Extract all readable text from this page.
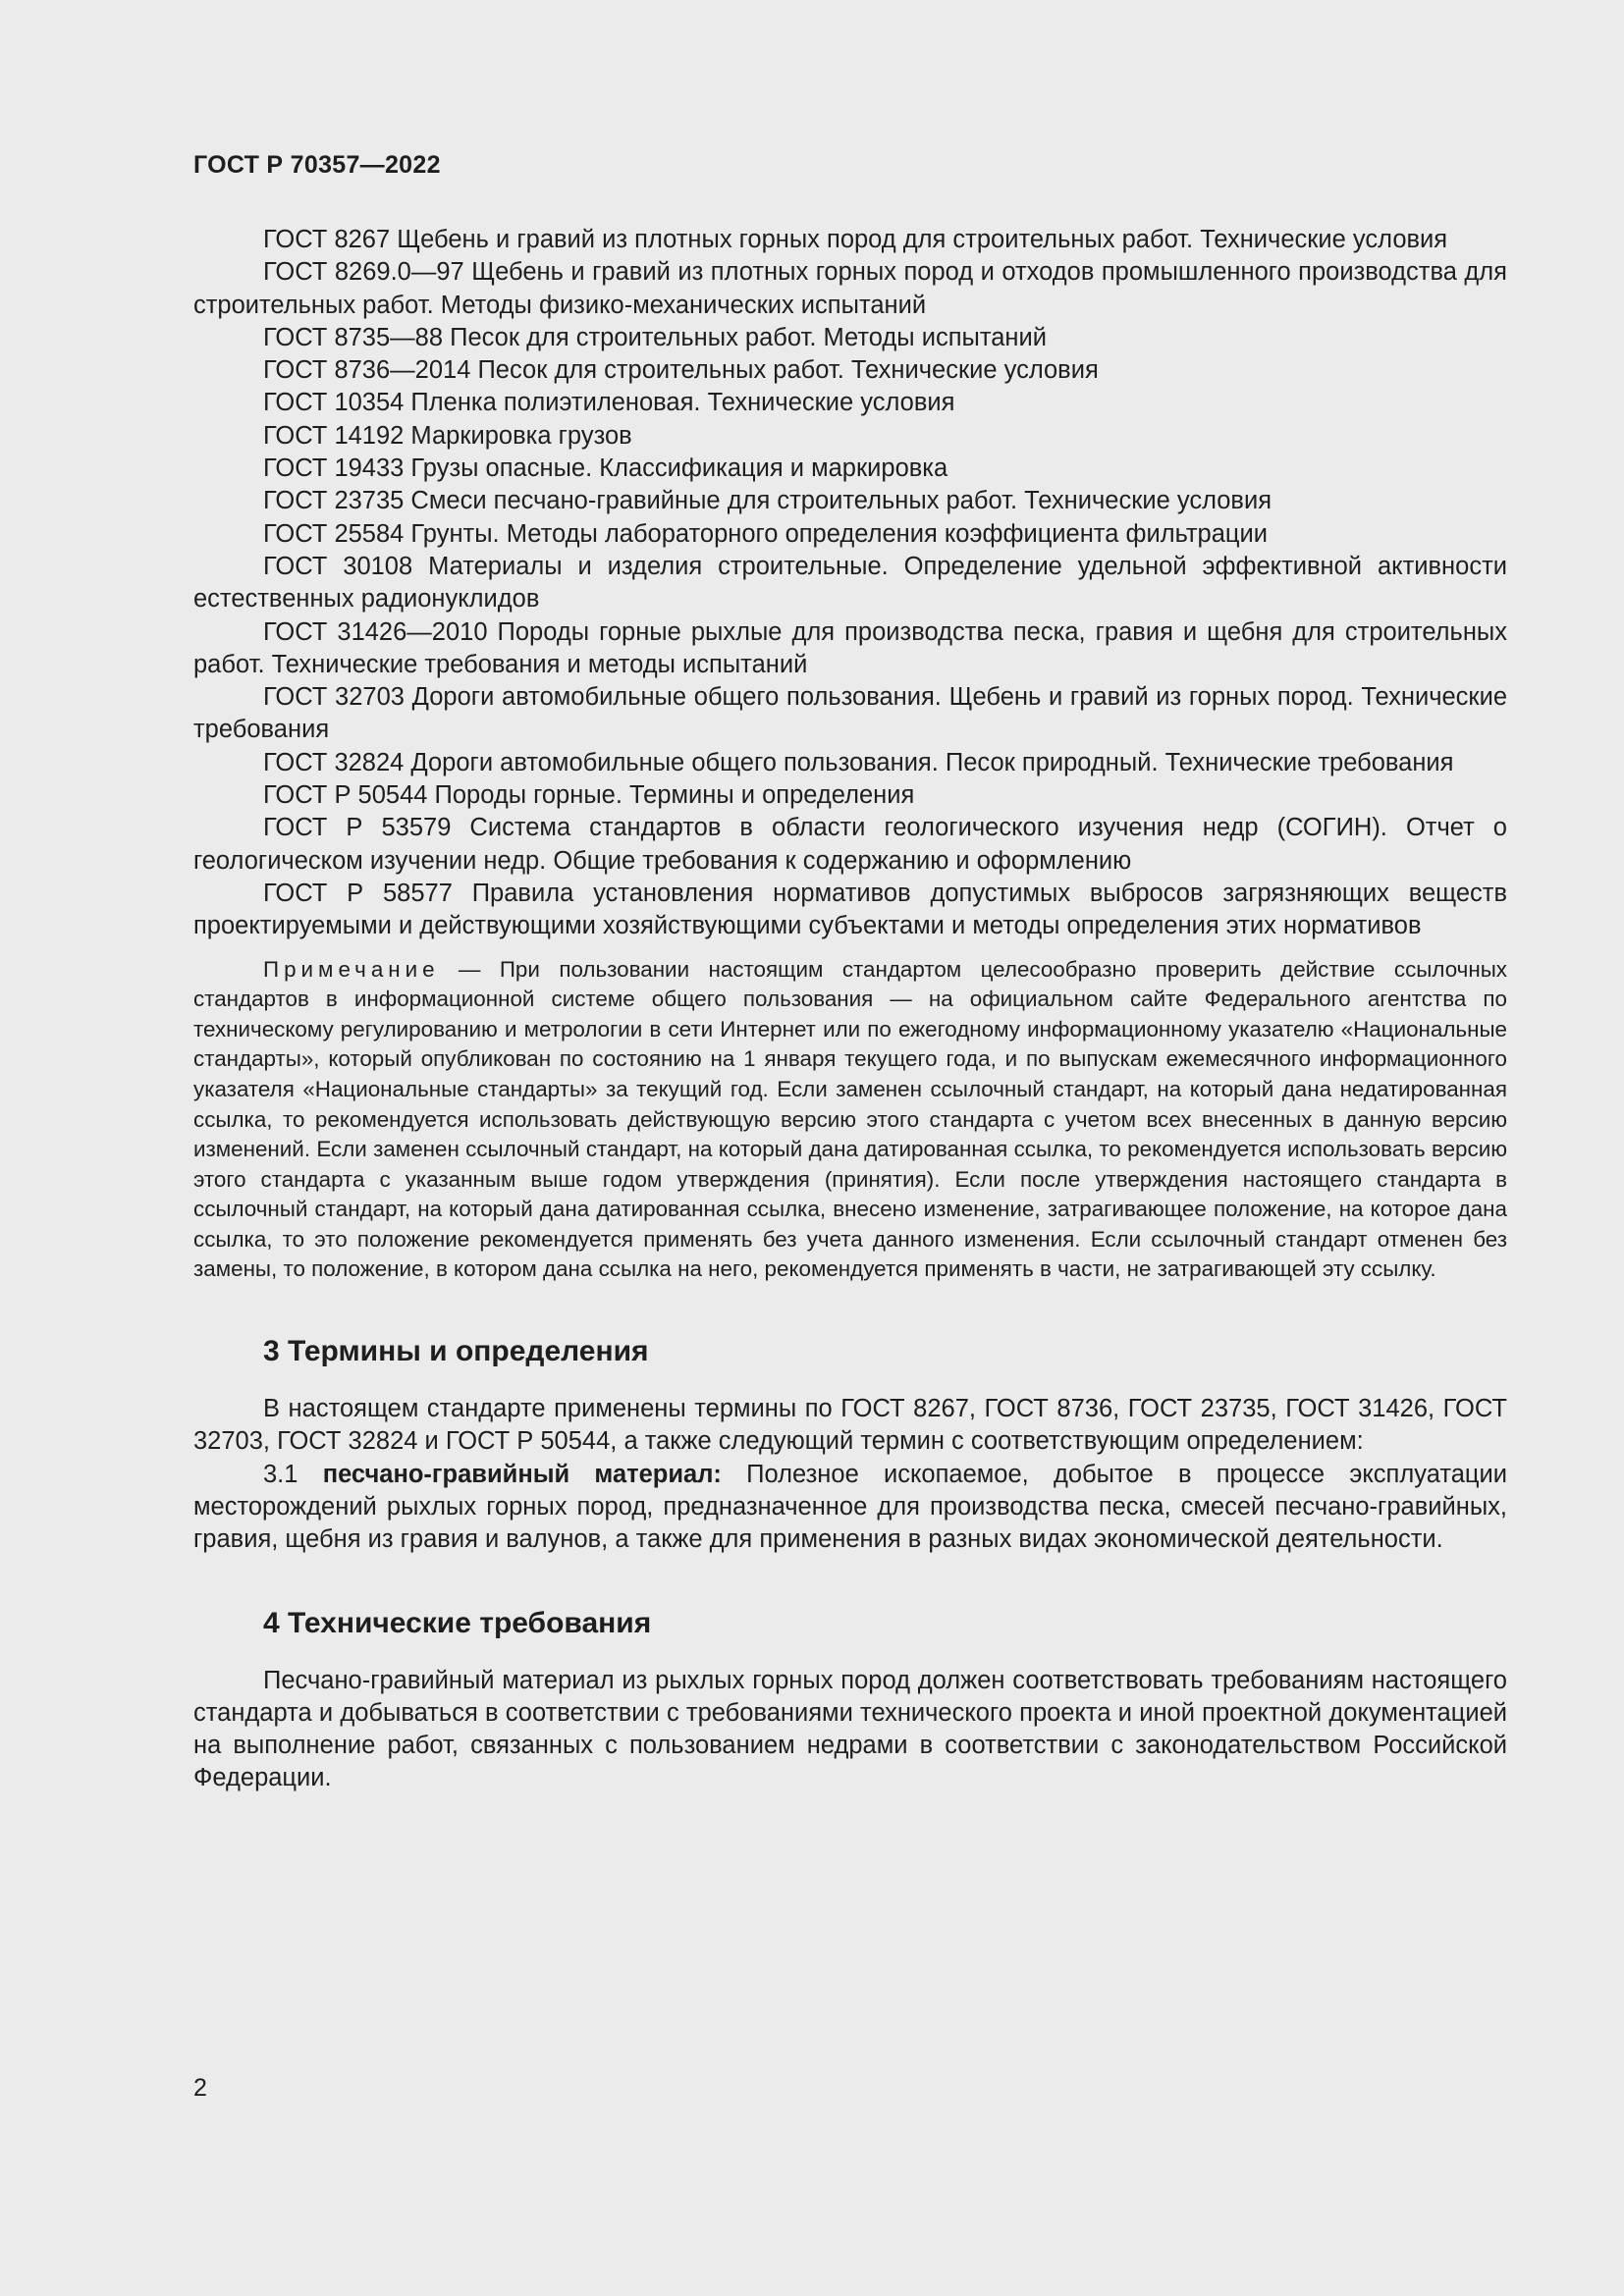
ГОСТ Р 70357—2022

ГОСТ 8267 Щебень и гравий из плотных горных пород для строительных работ. Технические условия

ГОСТ 8269.0—97 Щебень и гравий из плотных горных пород и отходов промышленного производства для строительных работ. Методы физико-механических испытаний

ГОСТ 8735—88 Песок для строительных работ. Методы испытаний

ГОСТ 8736—2014 Песок для строительных работ. Технические условия

ГОСТ 10354 Пленка полиэтиленовая. Технические условия

ГОСТ 14192 Маркировка грузов

ГОСТ 19433 Грузы опасные. Классификация и маркировка

ГОСТ 23735 Смеси песчано-гравийные для строительных работ. Технические условия

ГОСТ 25584 Грунты. Методы лабораторного определения коэффициента фильтрации

ГОСТ 30108 Материалы и изделия строительные. Определение удельной эффективной активности естественных радионуклидов

ГОСТ 31426—2010 Породы горные рыхлые для производства песка, гравия и щебня для строительных работ. Технические требования и методы испытаний

ГОСТ 32703 Дороги автомобильные общего пользования. Щебень и гравий из горных пород. Технические требования

ГОСТ 32824 Дороги автомобильные общего пользования. Песок природный. Технические требования

ГОСТ Р 50544 Породы горные. Термины и определения

ГОСТ Р 53579 Система стандартов в области геологического изучения недр (СОГИН). Отчет о геологическом изучении недр. Общие требования к содержанию и оформлению

ГОСТ Р 58577 Правила установления нормативов допустимых выбросов загрязняющих веществ проектируемыми и действующими хозяйствующими субъектами и методы определения этих нормативов

Примечание — При пользовании настоящим стандартом целесообразно проверить действие ссылочных стандартов в информационной системе общего пользования — на официальном сайте Федерального агентства по техническому регулированию и метрологии в сети Интернет или по ежегодному информационному указателю «Национальные стандарты», который опубликован по состоянию на 1 января текущего года, и по выпускам ежемесячного информационного указателя «Национальные стандарты» за текущий год. Если заменен ссылочный стандарт, на который дана недатированная ссылка, то рекомендуется использовать действующую версию этого стандарта с учетом всех внесенных в данную версию изменений. Если заменен ссылочный стандарт, на который дана датированная ссылка, то рекомендуется использовать версию этого стандарта с указанным выше годом утверждения (принятия). Если после утверждения настоящего стандарта в ссылочный стандарт, на который дана датированная ссылка, внесено изменение, затрагивающее положение, на которое дана ссылка, то это положение рекомендуется применять без учета данного изменения. Если ссылочный стандарт отменен без замены, то положение, в котором дана ссылка на него, рекомендуется применять в части, не затрагивающей эту ссылку.
3 Термины и определения

В настоящем стандарте применены термины по ГОСТ 8267, ГОСТ 8736, ГОСТ 23735, ГОСТ 31426, ГОСТ 32703, ГОСТ 32824 и ГОСТ Р 50544, а также следующий термин с соответствующим определением:

3.1 песчано-гравийный материал: Полезное ископаемое, добытое в процессе эксплуатации месторождений рыхлых горных пород, предназначенное для производства песка, смесей песчано-гравийных, гравия, щебня из гравия и валунов, а также для применения в разных видах экономической деятельности.

4 Технические требования

Песчано-гравийный материал из рыхлых горных пород должен соответствовать требованиям настоящего стандарта и добываться в соответствии с требованиями технического проекта и иной проектной документацией на выполнение работ, связанных с пользованием недрами в соответствии с законодательством Российской Федерации.

2
